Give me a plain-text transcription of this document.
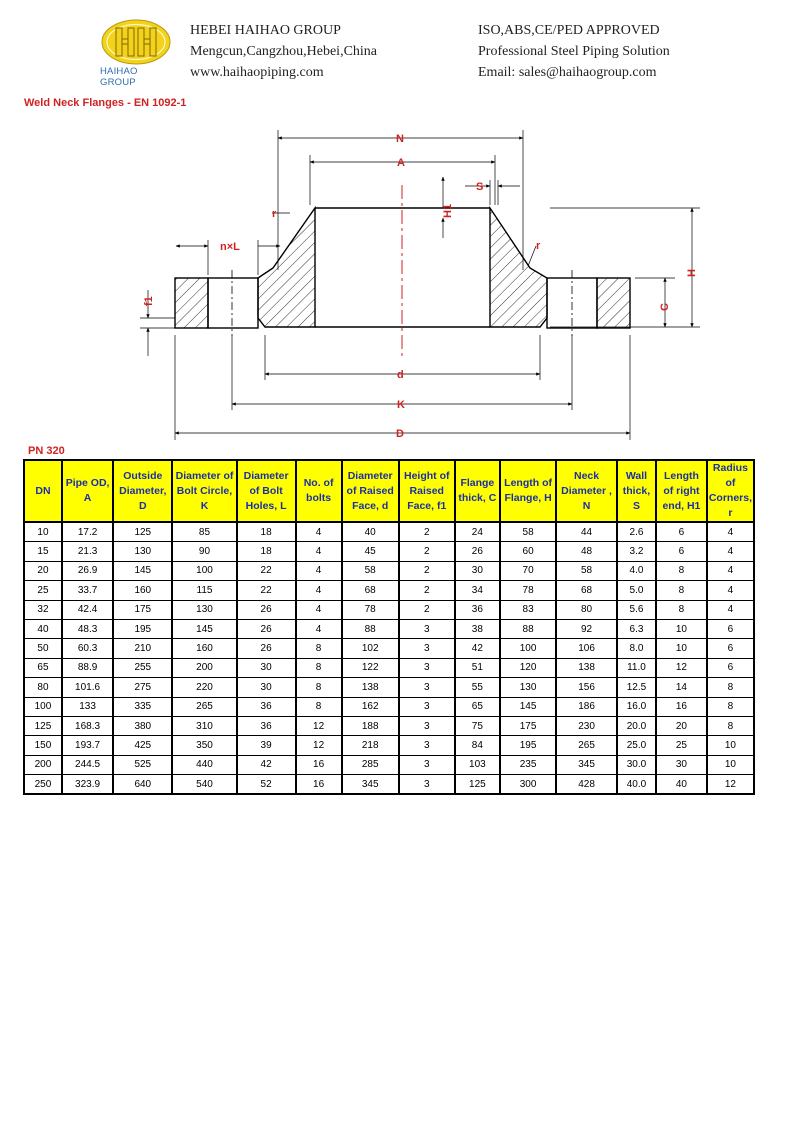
HAIHAO GROUP
HEBEI HAIHAO GROUP
Mengcun,Cangzhou,Hebei,China
www.haihaopiping.com
ISO,ABS,CE/PED APPROVED
Professional Steel Piping Solution
Email: sales@haihaogroup.com
Weld Neck Flanges - EN 1092-1
N
A
S
H1
r
r
n×L
f1
H
C
d
K
D
PN 320
DN	Pipe OD, A	Outside Diameter, D	Diameter of Bolt Circle, K	Diameter of Bolt Holes, L	No. of bolts	Diameter of Raised Face, d	Height of Raised Face, f1	Flange thick, C	Length of Flange, H	Neck Diameter , N	Wall thick, S	Length of right end, H1	Radius of Corners, r
10	17.2	125	85	18	4	40	2	24	58	44	2.6	6	4
15	21.3	130	90	18	4	45	2	26	60	48	3.2	6	4
20	26.9	145	100	22	4	58	2	30	70	58	4.0	8	4
25	33.7	160	115	22	4	68	2	34	78	68	5.0	8	4
32	42.4	175	130	26	4	78	2	36	83	80	5.6	8	4
40	48.3	195	145	26	4	88	3	38	88	92	6.3	10	6
50	60.3	210	160	26	8	102	3	42	100	106	8.0	10	6
65	88.9	255	200	30	8	122	3	51	120	138	11.0	12	6
80	101.6	275	220	30	8	138	3	55	130	156	12.5	14	8
100	133	335	265	36	8	162	3	65	145	186	16.0	16	8
125	168.3	380	310	36	12	188	3	75	175	230	20.0	20	8
150	193.7	425	350	39	12	218	3	84	195	265	25.0	25	10
200	244.5	525	440	42	16	285	3	103	235	345	30.0	30	10
250	323.9	640	540	52	16	345	3	125	300	428	40.0	40	12
